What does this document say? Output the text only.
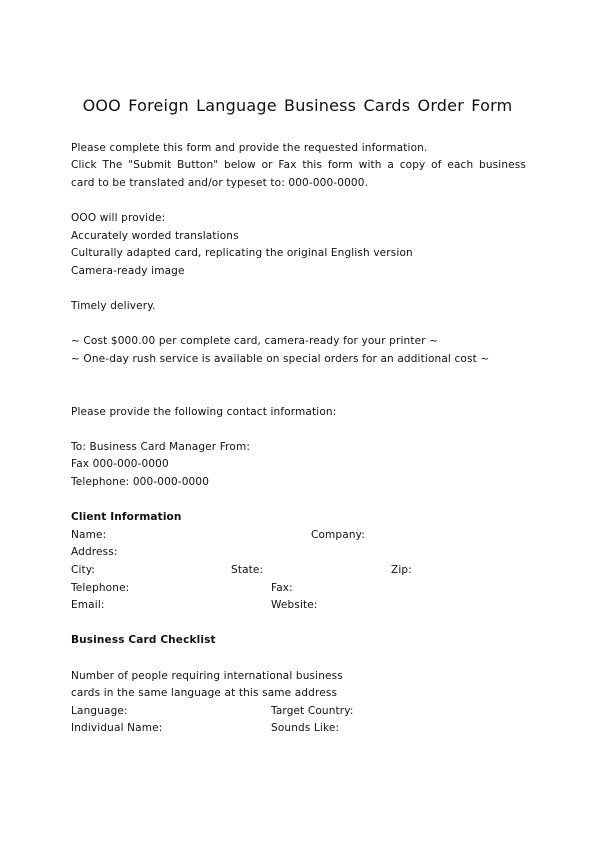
OOO Foreign Language Business Cards Order Form
Please complete this form and provide the requested information.
Click The "Submit Button" below or Fax this form with a copy of each business
card to be translated and/or typeset to: 000-000-0000.
OOO will provide:
Accurately worded translations
Culturally adapted card, replicating the original English version
Camera-ready image
Timely delivery.
~ Cost $000.00 per complete card, camera-ready for your printer ~
~ One-day rush service is available on special orders for an additional cost ~
Please provide the following contact information:
To: Business Card Manager From:
Fax 000-000-0000
Telephone: 000-000-0000
Client Information
Name:	Company:
Address:
City:	State:	Zip:
Telephone:	Fax:
Email:	Website:
Business Card Checklist
Number of people requiring international business
cards in the same language at this same address
Language:	Target Country:
Individual Name:	Sounds Like:
